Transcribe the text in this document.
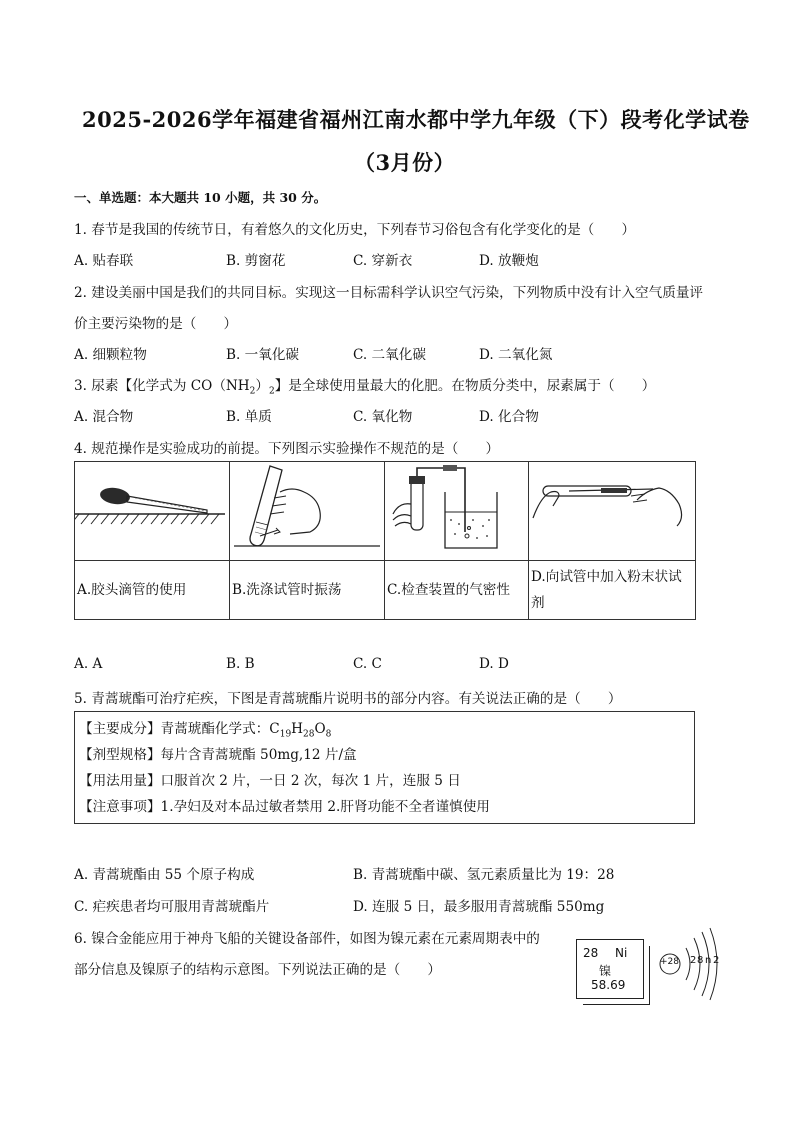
2025-2026学年福建省福州江南水都中学九年级（下）段考化学试卷
（3月份）
一、单选题：本大题共 10 小题，共 30 分。
1. 春节是我国的传统节日，有着悠久的文化历史，下列春节习俗包含有化学变化的是（　　）
A. 贴春联	B. 剪窗花	C. 穿新衣	D. 放鞭炮
2. 建设美丽中国是我们的共同目标。实现这一目标需科学认识空气污染，下列物质中没有计入空气质量评
价主要污染物的是（　　）
A. 细颗粒物	B. 一氧化碳	C. 二氧化碳	D. 二氧化氮
3. 尿素【化学式为 $CO(NH_2)_2$】是全球使用量最大的化肥。在物质分类中，尿素属于（　　）
A. 混合物	B. 单质	C. 氧化物	D. 化合物
4. 规范操作是实验成功的前提。下列图示实验操作不规范的是（　　）

A.胶头滴管的使用	B.洗涤试管时振荡	C.检查装置的气密性	D.向试管中加入粉末状试
剂
A. A	B. B	C. C	D. D
5. 青蒿琥酯可治疗疟疾，下图是青蒿琥酯片说明书的部分内容。有关说法正确的是（　　）
【主要成分】青蒿琥酯化学式：$C_{19}H_{28}O_8$
【剂型规格】每片含青蒿琥酯 50mg,12 片/盒
【用法用量】口服首次 2 片，一日 2 次，每次 1 片，连服 5 日
【注意事项】1.孕妇及对本品过敏者禁用 2.肝肾功能不全者谨慎使用
A. 青蒿琥酯由 55 个原子构成	B. 青蒿琥酯中碳、氢元素质量比为 19：28
C. 疟疾患者均可服用青蒿琥酯片	D. 连服 5 日，最多服用青蒿琥酯 550mg
6. 镍合金能应用于神舟飞船的关键设备部件，如图为镍元素在元素周期表中的
部分信息及镍原子的结构示意图。下列说法正确的是（　　）
28 Ni
镍
58.69
+28 2 8 n 2
